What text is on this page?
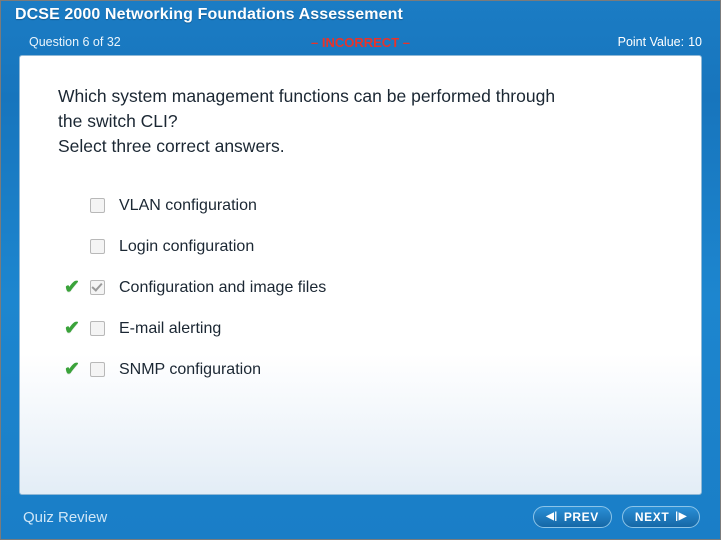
DCSE 2000 Networking Foundations Assessement
Question 6 of 32	– INCORRECT –	Point Value: 10
Which system management functions can be performed through
the switch CLI?
Select three correct answers.
VLAN configuration
Login configuration
✔ Configuration and image files
✔ E-mail alerting
✔ SNMP configuration
Quiz Review	◀| PREV	NEXT |▶
